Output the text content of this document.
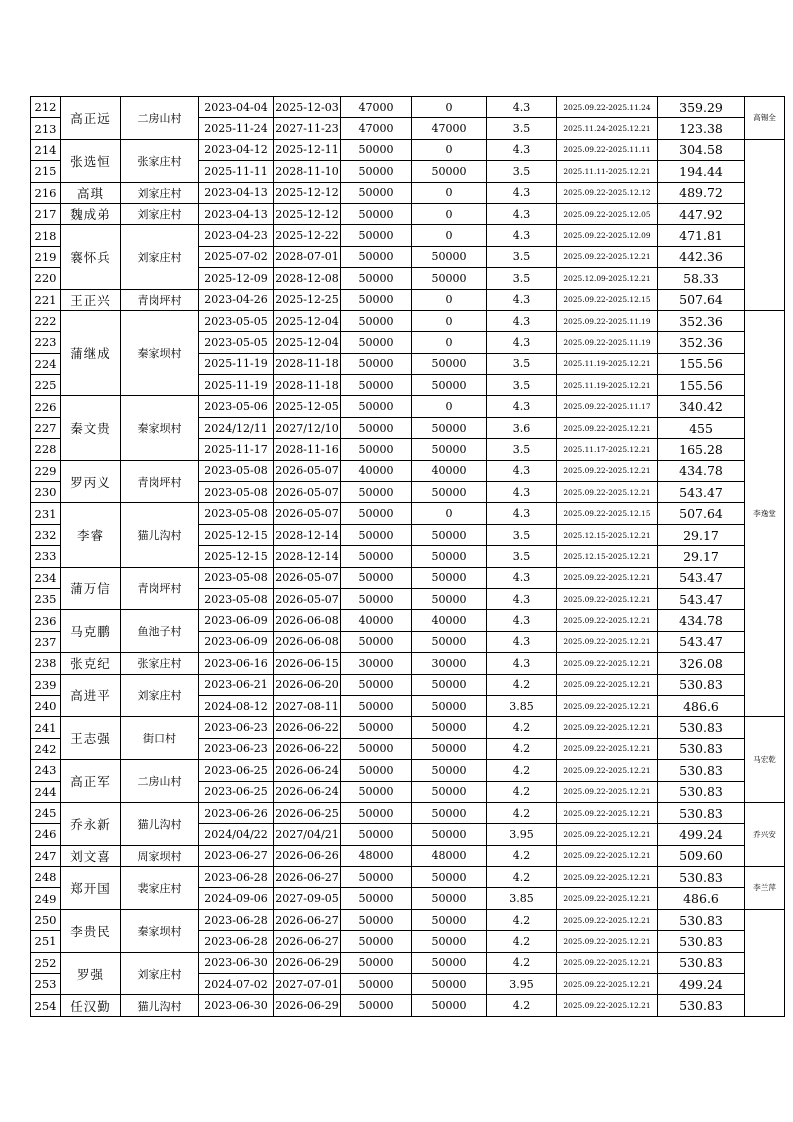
212	高正远	二房山村	2023-04-04	2025-12-03	47000	0	4.3	2025.09.22-2025.11.24	359.29	高锡全
213			2025-11-24	2027-11-23	47000	47000	3.5	2025.11.24-2025.12.21	123.38	
214	张选恒	张家庄村	2023-04-12	2025-12-11	50000	0	4.3	2025.09.22-2025.11.11	304.58	
215			2025-11-11	2028-11-10	50000	50000	3.5	2025.11.11-2025.12.21	194.44	
216	高琪	刘家庄村	2023-04-13	2025-12-12	50000	0	4.3	2025.09.22-2025.12.12	489.72	
217	魏成弟	刘家庄村	2023-04-13	2025-12-12	50000	0	4.3	2025.09.22-2025.12.05	447.92	
218	褰怀兵	刘家庄村	2023-04-23	2025-12-22	50000	0	4.3	2025.09.22-2025.12.09	471.81	
219			2025-07-02	2028-07-01	50000	50000	3.5	2025.09.22-2025.12.21	442.36	
220			2025-12-09	2028-12-08	50000	50000	3.5	2025.12.09-2025.12.21	58.33	
221	王正兴	青岗坪村	2023-04-26	2025-12-25	50000	0	4.3	2025.09.22-2025.12.15	507.64	
222	蒲继成	秦家坝村	2023-05-05	2025-12-04	50000	0	4.3	2025.09.22-2025.11.19	352.36	李逸堂
223			2023-05-05	2025-12-04	50000	0	4.3	2025.09.22-2025.11.19	352.36	
224			2025-11-19	2028-11-18	50000	50000	3.5	2025.11.19-2025.12.21	155.56	
225			2025-11-19	2028-11-18	50000	50000	3.5	2025.11.19-2025.12.21	155.56	
226	秦文贵	秦家坝村	2023-05-06	2025-12-05	50000	0	4.3	2025.09.22-2025.11.17	340.42	
227			2024/12/11	2027/12/10	50000	50000	3.6	2025.09.22-2025.12.21	455	
228			2025-11-17	2028-11-16	50000	50000	3.5	2025.11.17-2025.12.21	165.28	
229	罗丙义	青岗坪村	2023-05-08	2026-05-07	40000	40000	4.3	2025.09.22-2025.12.21	434.78	
230			2023-05-08	2026-05-07	50000	50000	4.3	2025.09.22-2025.12.21	543.47	
231	李睿	猫儿沟村	2023-05-08	2026-05-07	50000	0	4.3	2025.09.22-2025.12.15	507.64	
232			2025-12-15	2028-12-14	50000	50000	3.5	2025.12.15-2025.12.21	29.17	
233			2025-12-15	2028-12-14	50000	50000	3.5	2025.12.15-2025.12.21	29.17	
234	蒲万信	青岗坪村	2023-05-08	2026-05-07	50000	50000	4.3	2025.09.22-2025.12.21	543.47	
235			2023-05-08	2026-05-07	50000	50000	4.3	2025.09.22-2025.12.21	543.47	
236	马克鹏	鱼池子村	2023-06-09	2026-06-08	40000	40000	4.3	2025.09.22-2025.12.21	434.78	
237			2023-06-09	2026-06-08	50000	50000	4.3	2025.09.22-2025.12.21	543.47	
238	张克纪	张家庄村	2023-06-16	2026-06-15	30000	30000	4.3	2025.09.22-2025.12.21	326.08	
239	高进平	刘家庄村	2023-06-21	2026-06-20	50000	50000	4.2	2025.09.22-2025.12.21	530.83	
240			2024-08-12	2027-08-11	50000	50000	3.85	2025.09.22-2025.12.21	486.6	
241	王志强	街口村	2023-06-23	2026-06-22	50000	50000	4.2	2025.09.22-2025.12.21	530.83	马宏乾
242			2023-06-23	2026-06-22	50000	50000	4.2	2025.09.22-2025.12.21	530.83	
243	高正军	二房山村	2023-06-25	2026-06-24	50000	50000	4.2	2025.09.22-2025.12.21	530.83	
244			2023-06-25	2026-06-24	50000	50000	4.2	2025.09.22-2025.12.21	530.83	
245	乔永新	猫儿沟村	2023-06-26	2026-06-25	50000	50000	4.2	2025.09.22-2025.12.21	530.83	乔兴安
246			2024/04/22	2027/04/21	50000	50000	3.95	2025.09.22-2025.12.21	499.24	
247	刘文喜	周家坝村	2023-06-27	2026-06-26	48000	48000	4.2	2025.09.22-2025.12.21	509.60	
248	郑开国	裴家庄村	2023-06-28	2026-06-27	50000	50000	4.2	2025.09.22-2025.12.21	530.83	李兰萍
249			2024-09-06	2027-09-05	50000	50000	3.85	2025.09.22-2025.12.21	486.6	
250	李贵民	秦家坝村	2023-06-28	2026-06-27	50000	50000	4.2	2025.09.22-2025.12.21	530.83	
251			2023-06-28	2026-06-27	50000	50000	4.2	2025.09.22-2025.12.21	530.83	
252	罗强	刘家庄村	2023-06-30	2026-06-29	50000	50000	4.2	2025.09.22-2025.12.21	530.83	
253			2024-07-02	2027-07-01	50000	50000	3.95	2025.09.22-2025.12.21	499.24	
254	任汉勤	猫儿沟村	2023-06-30	2026-06-29	50000	50000	4.2	2025.09.22-2025.12.21	530.83	
